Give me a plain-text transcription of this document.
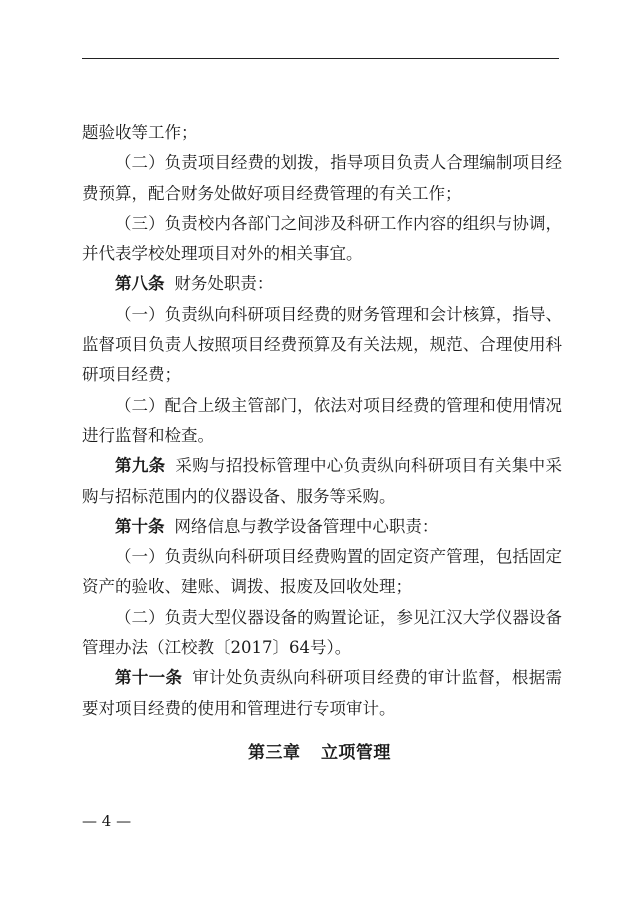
题验收等工作；

（二）负责项目经费的划拨，指导项目负责人合理编制项目经费预算，配合财务处做好项目经费管理的有关工作；

（三）负责校内各部门之间涉及科研工作内容的组织与协调，并代表学校处理项目对外的相关事宜。

第八条 财务处职责：

（一）负责纵向科研项目经费的财务管理和会计核算，指导、监督项目负责人按照项目经费预算及有关法规，规范、合理使用科研项目经费；

（二）配合上级主管部门，依法对项目经费的管理和使用情况进行监督和检查。

第九条 采购与招投标管理中心负责纵向科研项目有关集中采购与招标范围内的仪器设备、服务等采购。

第十条 网络信息与教学设备管理中心职责：

（一）负责纵向科研项目经费购置的固定资产管理，包括固定资产的验收、建账、调拨、报废及回收处理；

（二）负责大型仪器设备的购置论证，参见江汉大学仪器设备管理办法（江校教〔2017〕64号）。

第十一条 审计处负责纵向科研项目经费的审计监督，根据需要对项目经费的使用和管理进行专项审计。

第三章 立项管理
— 4 —
